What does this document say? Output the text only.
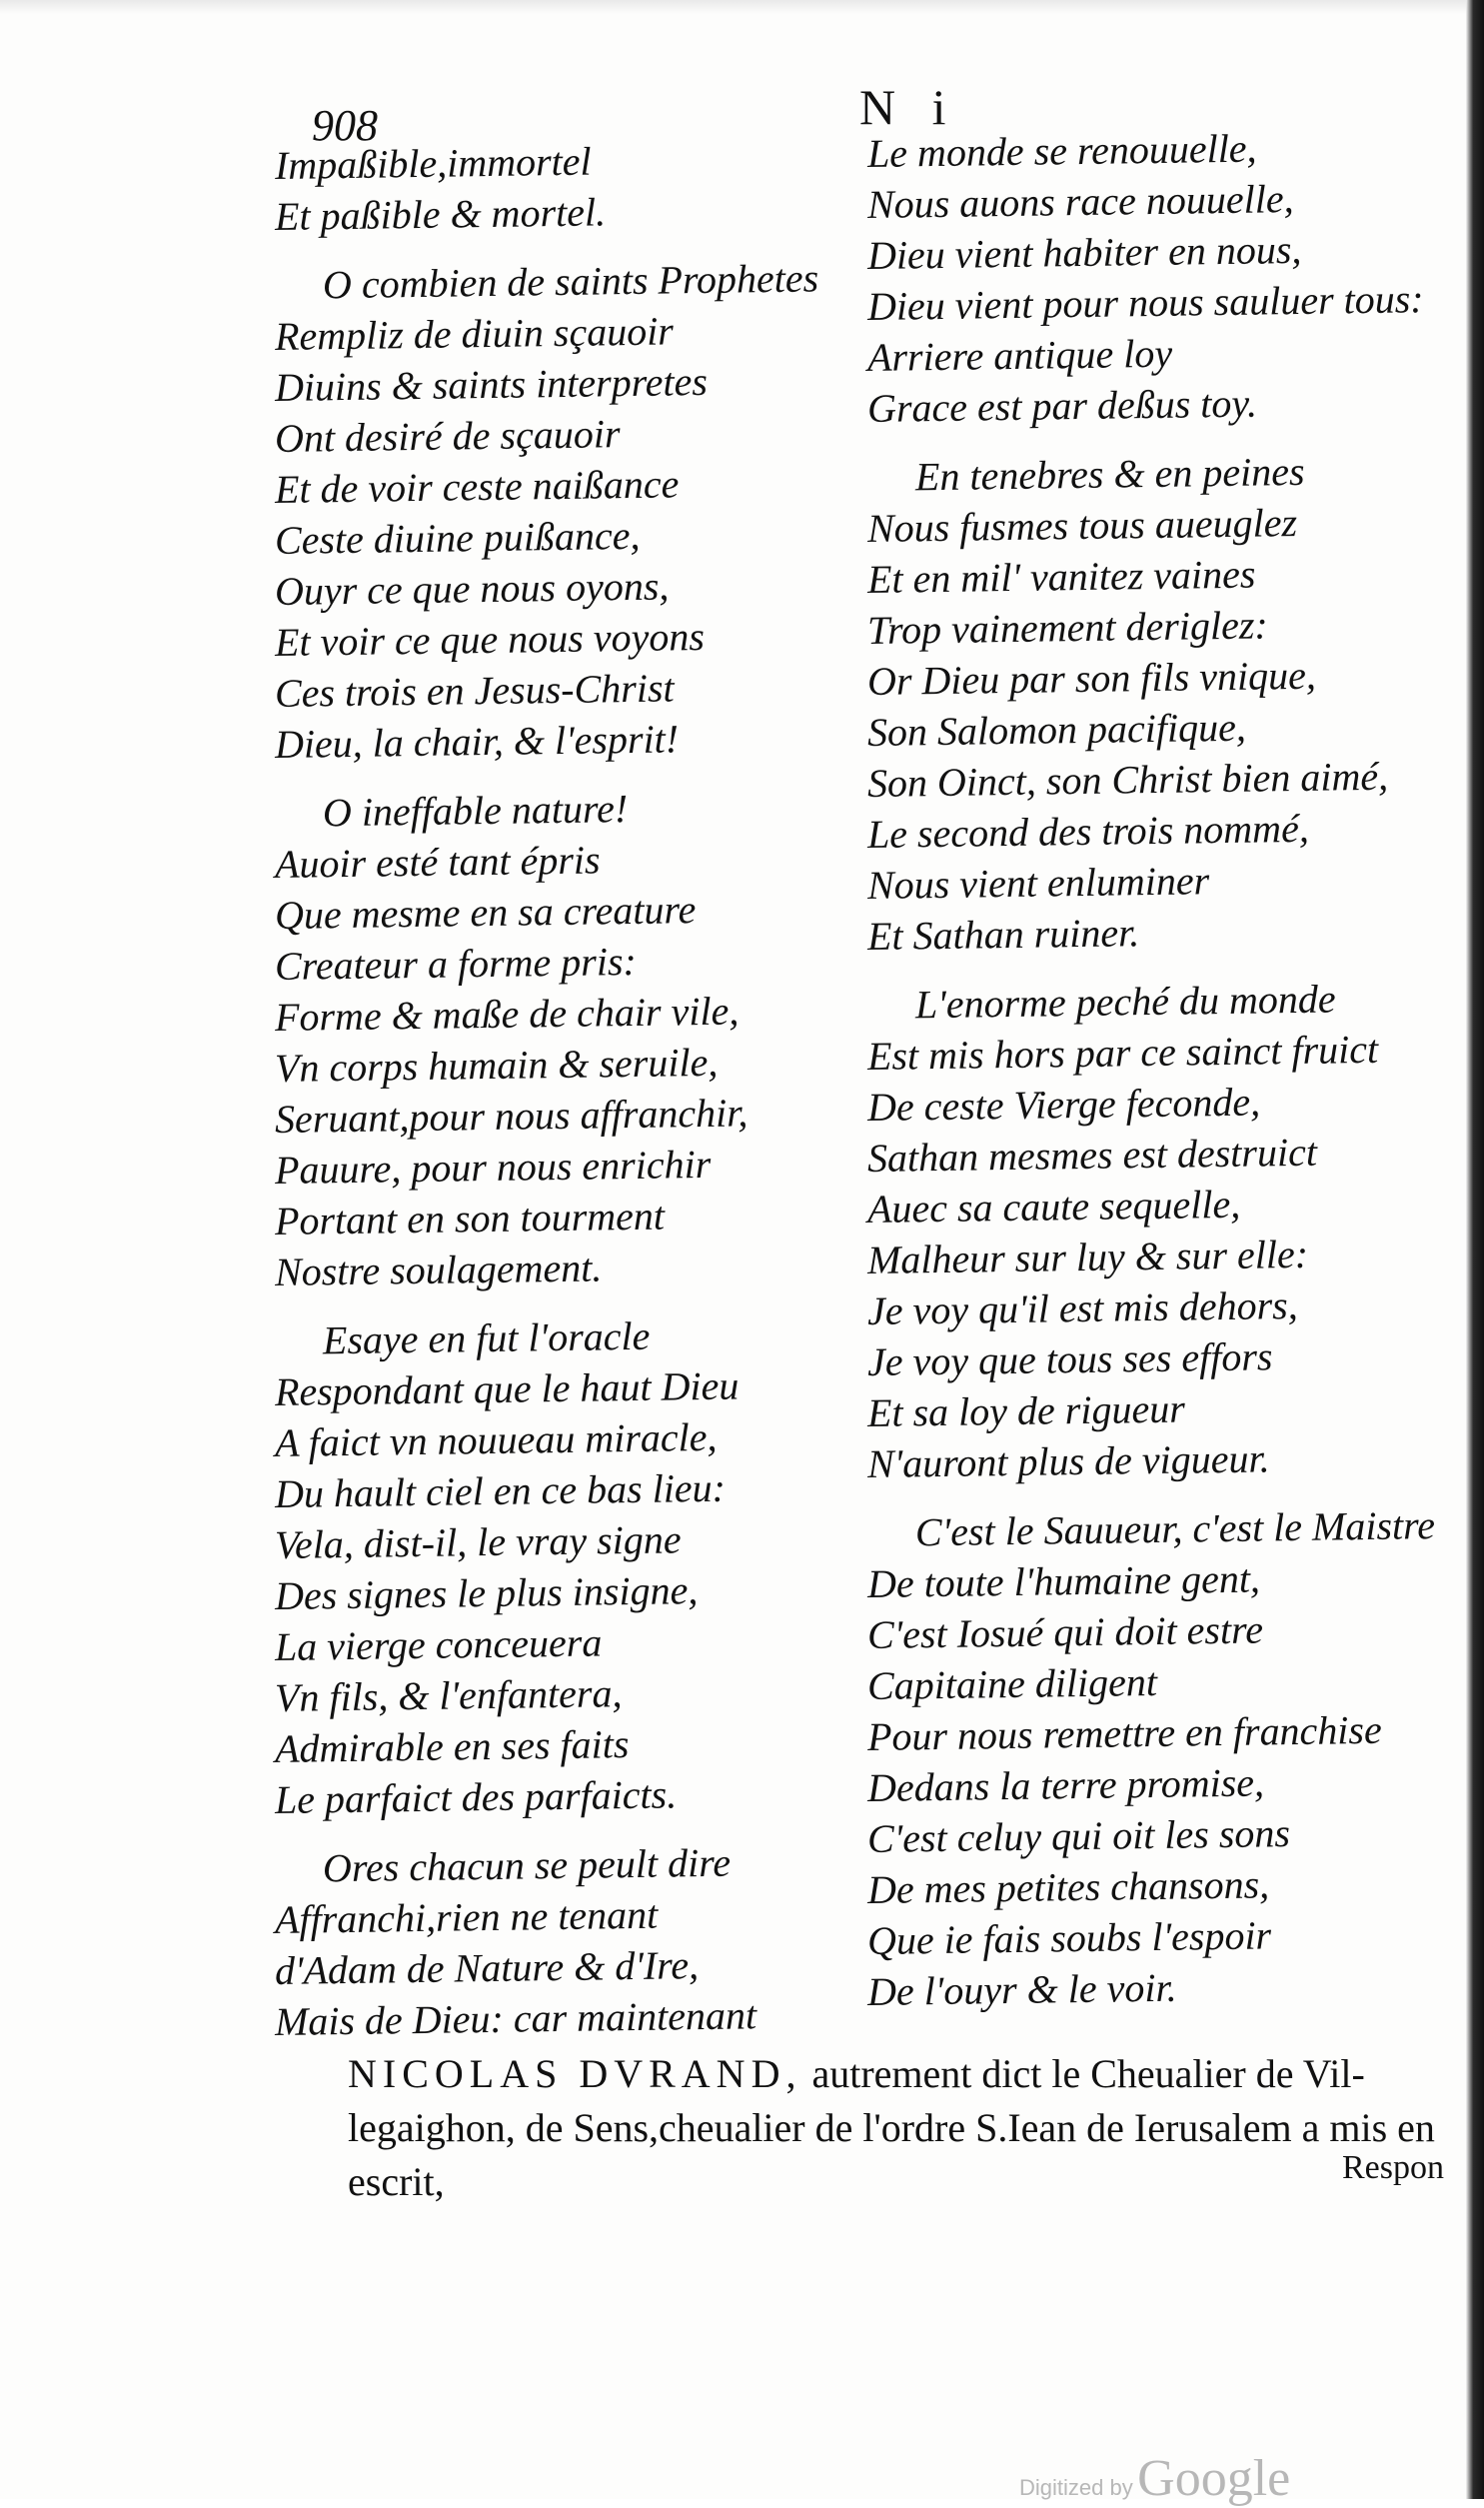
908	N i
Impaßible,immortel
Et paßible & mortel.
O combien de saints Prophetes
Rempliz de diuin sçauoir
Diuins & saints interpretes
Ont desiré de sçauoir
Et de voir ceste naißance
Ceste diuine puißance,
Ouyr ce que nous oyons,
Et voir ce que nous voyons
Ces trois en Jesus-Christ
Dieu, la chair, & l'esprit!
O ineffable nature!
Auoir esté tant épris
Que mesme en sa creature
Createur a forme pris:
Forme & maße de chair vile,
Vn corps humain & seruile,
Seruant,pour nous affranchir,
Pauure, pour nous enrichir
Portant en son tourment
Nostre soulagement.
Esaye en fut l'oracle
Respondant que le haut Dieu
A faict vn nouueau miracle,
Du hault ciel en ce bas lieu:
Vela, dist-il, le vray signe
Des signes le plus insigne,
La vierge conceuera
Vn fils, & l'enfantera,
Admirable en ses faits
Le parfaict des parfaicts.
Ores chacun se peult dire
Affranchi,rien ne tenant
d'Adam de Nature & d'Ire,
Mais de Dieu: car maintenant
Le monde se renouuelle,
Nous auons race nouuelle,
Dieu vient habiter en nous,
Dieu vient pour nous sauluer tous:
Arriere antique loy
Grace est par deßus toy.
En tenebres & en peines
Nous fusmes tous aueuglez
Et en mil' vanitez vaines
Trop vainement deriglez:
Or Dieu par son fils vnique,
Son Salomon pacifique,
Son Oinct, son Christ bien aimé,
Le second des trois nommé,
Nous vient enluminer
Et Sathan ruiner.
L'enorme peché du monde
Est mis hors par ce sainct fruict
De ceste Vierge feconde,
Sathan mesmes est destruict
Auec sa caute sequelle,
Malheur sur luy & sur elle:
Je voy qu'il est mis dehors,
Je voy que tous ses effors
Et sa loy de rigueur
N'auront plus de vigueur.
C'est le Sauueur, c'est le Maistre
De toute l'humaine gent,
C'est Iosué qui doit estre
Capitaine diligent
Pour nous remettre en franchise
Dedans la terre promise,
C'est celuy qui oit les sons
De mes petites chansons,
Que ie fais soubs l'espoir
De l'ouyr & le voir.
NICOLAS DVRAND, autrement dict le Cheualier de Vil-
legaighon, de Sens,cheualier de l'ordre S.Iean de Ierusalem a mis en escrit,	Respon
Digitized by Google
